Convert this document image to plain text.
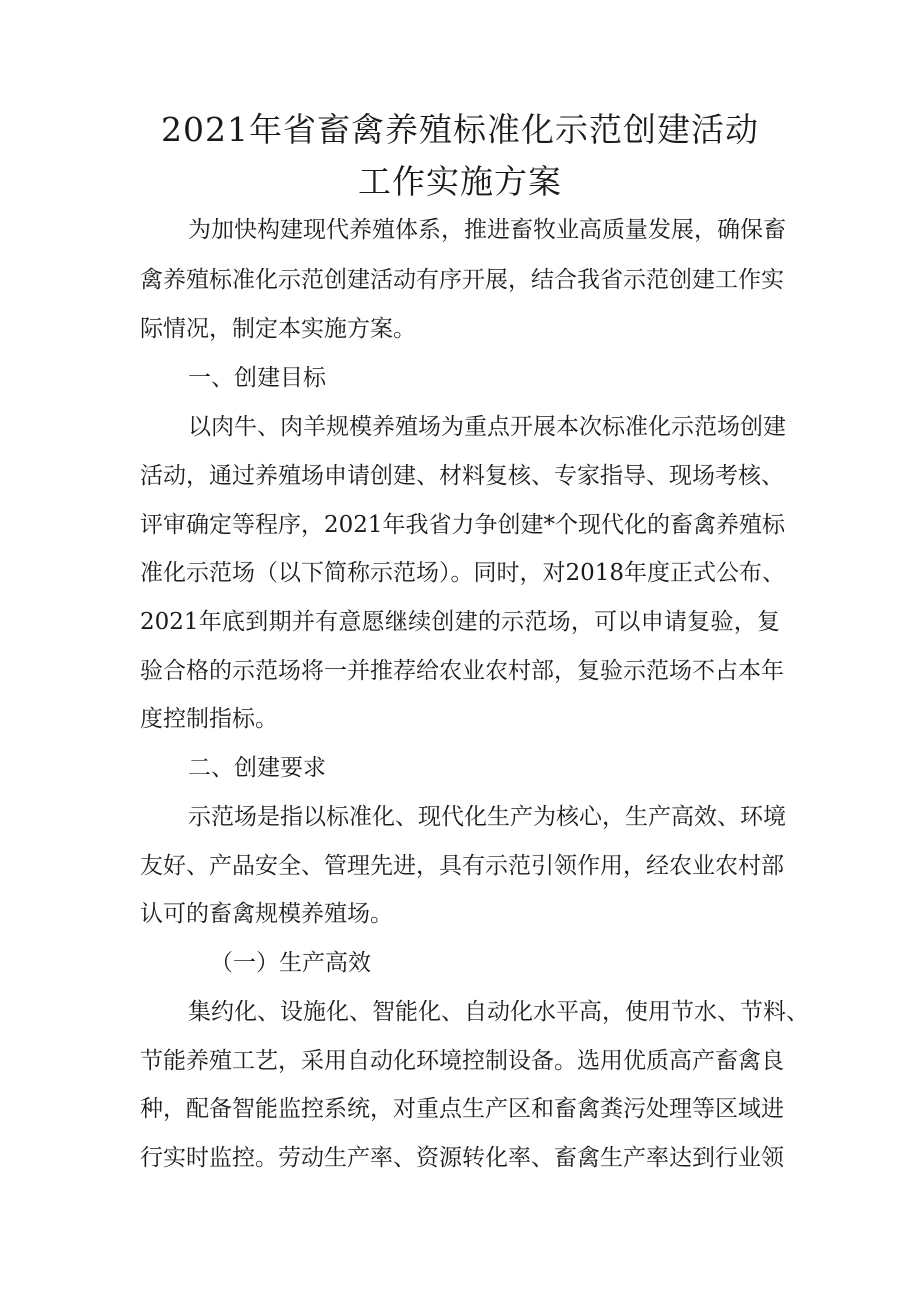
2021年省畜禽养殖标准化示范创建活动
工作实施方案
为加快构建现代养殖体系，推进畜牧业高质量发展，确保畜
禽养殖标准化示范创建活动有序开展，结合我省示范创建工作实
际情况，制定本实施方案。
一、创建目标
以肉牛、肉羊规模养殖场为重点开展本次标准化示范场创建
活动，通过养殖场申请创建、材料复核、专家指导、现场考核、
评审确定等程序，2021年我省力争创建*个现代化的畜禽养殖标
准化示范场（以下简称示范场）。同时，对2018年度正式公布、
2021年底到期并有意愿继续创建的示范场，可以申请复验，复
验合格的示范场将一并推荐给农业农村部，复验示范场不占本年
度控制指标。
二、创建要求
示范场是指以标准化、现代化生产为核心，生产高效、环境
友好、产品安全、管理先进，具有示范引领作用，经农业农村部
认可的畜禽规模养殖场。
（一）生产高效
集约化、设施化、智能化、自动化水平高，使用节水、节料、
节能养殖工艺，采用自动化环境控制设备。选用优质高产畜禽良
种，配备智能监控系统，对重点生产区和畜禽粪污处理等区域进
行实时监控。劳动生产率、资源转化率、畜禽生产率达到行业领
